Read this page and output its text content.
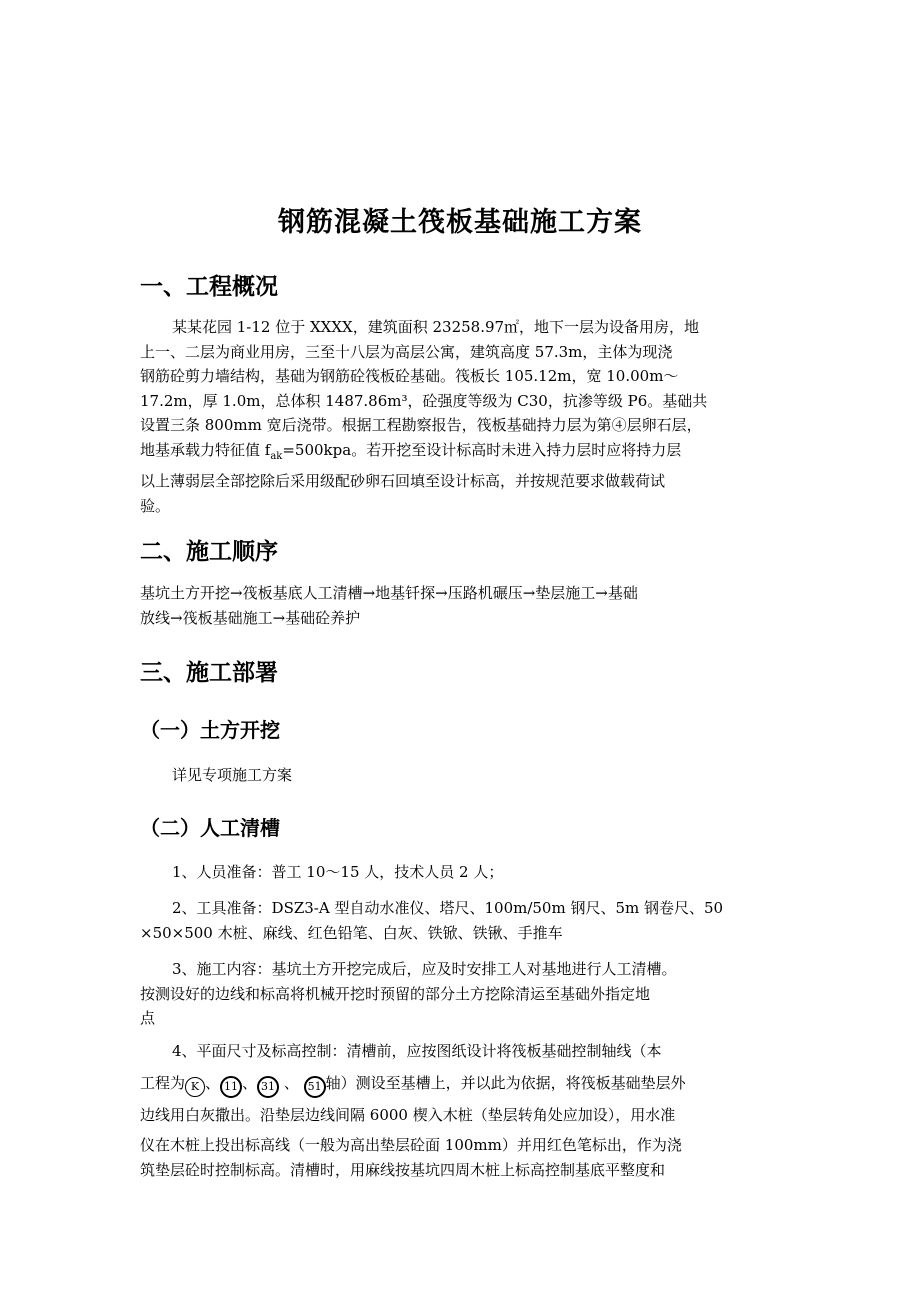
钢筋混凝土筏板基础施工方案
一、工程概况
某某花园 1-12 位于 XXXX，建筑面积 23258.97㎡，地下一层为设备用房，地
上一、二层为商业用房，三至十八层为高层公寓，建筑高度 57.3m，主体为现浇
钢筋砼剪力墙结构，基础为钢筋砼筏板砼基础。筏板长 105.12m，宽 10.00m～
17.2m，厚 1.0m，总体积 1487.86m³，砼强度等级为 C30，抗渗等级 P6。基础共
设置三条 800mm 宽后浇带。根据工程勘察报告，筏板基础持力层为第④层卵石层，
地基承载力特征值 $f_{ak}=500kpa$。若开挖至设计标高时未进入持力层时应将持力层
以上薄弱层全部挖除后采用级配砂卵石回填至设计标高，并按规范要求做载荷试
验。
二、施工顺序
基坑土方开挖→筏板基底人工清槽→地基钎探→压路机碾压→垫层施工→基础
放线→筏板基础施工→基础砼养护
三、施工部署
（一）土方开挖
详见专项施工方案
（二）人工清槽
1、人员准备：普工 10～15 人，技术人员 2 人；
2、工具准备：DSZ3-A 型自动水准仪、塔尺、100m/50m 钢尺、5m 钢卷尺、50
×50×500 木桩、麻线、红色铅笔、白灰、铁锨、铁锹、手推车
3、施工内容：基坑土方开挖完成后，应及时安排工人对基地进行人工清槽。
按测设好的边线和标高将机械开挖时预留的部分土方挖除清运至基础外指定地
点
4、平面尺寸及标高控制：清槽前，应按图纸设计将筏板基础控制轴线（本
工程为 K 、 11 、 31 、 51 轴）测设至基槽上，并以此为依据，将筏板基础垫层外
边线用白灰撒出。沿垫层边线间隔 6000 楔入木桩（垫层转角处应加设），用水准
仪在木桩上投出标高线（一般为高出垫层砼面 100mm）并用红色笔标出，作为浇
筑垫层砼时控制标高。清槽时，用麻线按基坑四周木桩上标高控制基底平整度和
